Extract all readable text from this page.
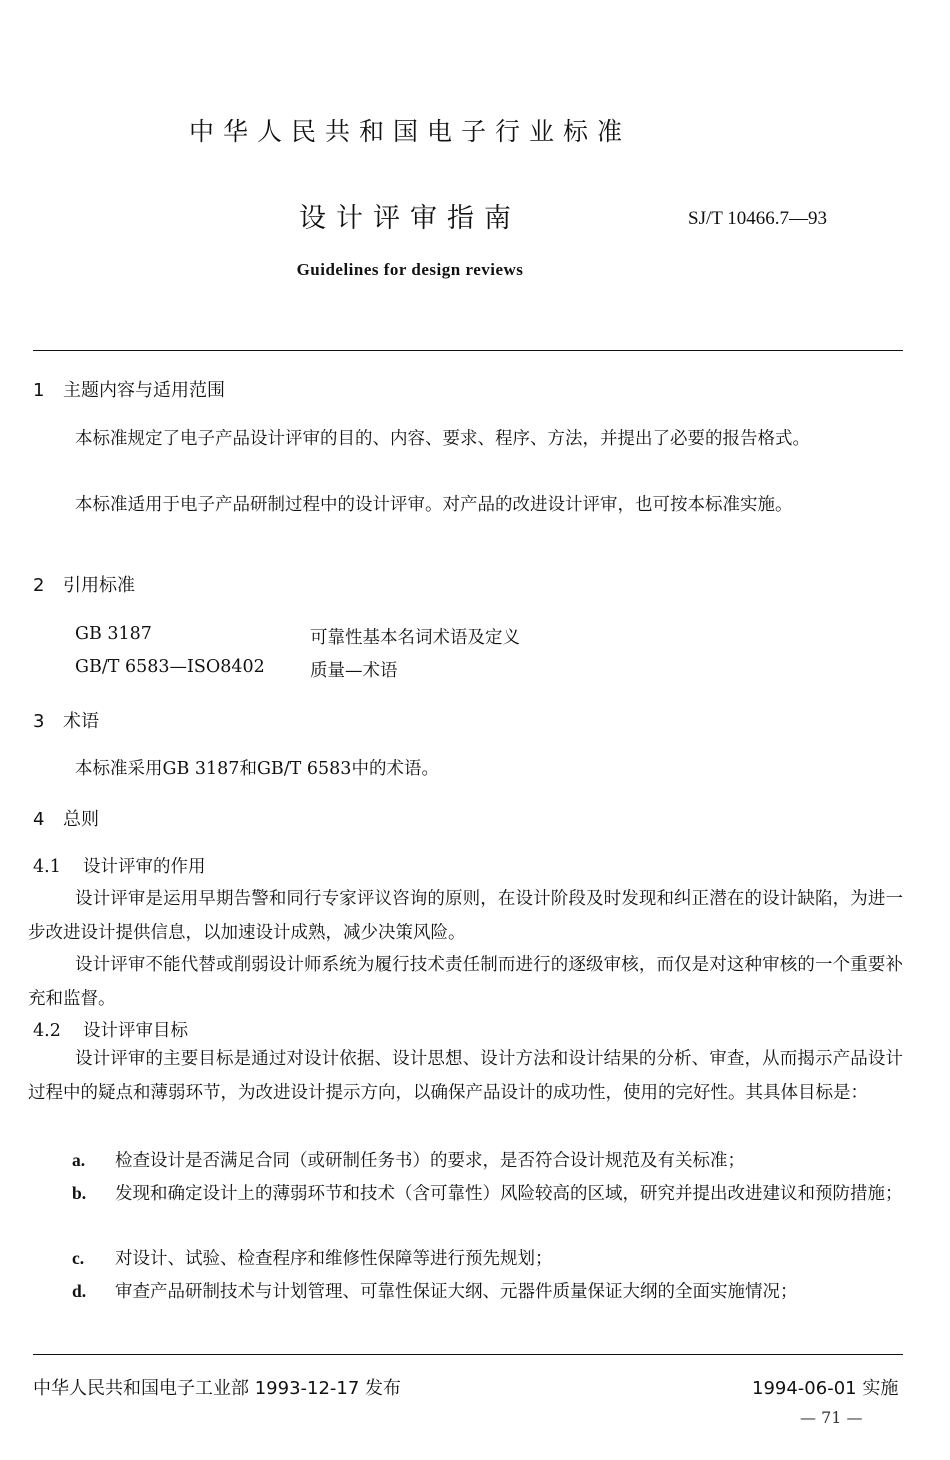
中华人民共和国电子行业标准
设计评审指南	SJ/T 10466.7—93
Guidelines for design reviews
1 主题内容与适用范围
本标准规定了电子产品设计评审的目的、内容、要求、程序、方法，并提出了必要的报告格式。
本标准适用于电子产品研制过程中的设计评审。对产品的改进设计评审，也可按本标准实施。
2 引用标准
GB 3187	可靠性基本名词术语及定义
GB/T 6583—ISO8402	质量—术语
3 术语
本标准采用GB 3187和GB/T 6583中的术语。
4 总则
4.1 设计评审的作用
设计评审是运用早期告警和同行专家评议咨询的原则，在设计阶段及时发现和纠正潜在的设计缺陷，为进一步改进设计提供信息，以加速设计成熟，减少决策风险。
设计评审不能代替或削弱设计师系统为履行技术责任制而进行的逐级审核，而仅是对这种审核的一个重要补充和监督。
4.2 设计评审目标
设计评审的主要目标是通过对设计依据、设计思想、设计方法和设计结果的分析、审查，从而揭示产品设计过程中的疑点和薄弱环节，为改进设计提示方向，以确保产品设计的成功性，使用的完好性。其具体目标是：
a. 检查设计是否满足合同（或研制任务书）的要求，是否符合设计规范及有关标准；
b. 发现和确定设计上的薄弱环节和技术（含可靠性）风险较高的区域，研究并提出改进建议和预防措施；
c. 对设计、试验、检查程序和维修性保障等进行预先规划；
d. 审查产品研制技术与计划管理、可靠性保证大纲、元器件质量保证大纲的全面实施情况；
中华人民共和国电子工业部 1993-12-17 发布	1994-06-01 实施
— 71 —
